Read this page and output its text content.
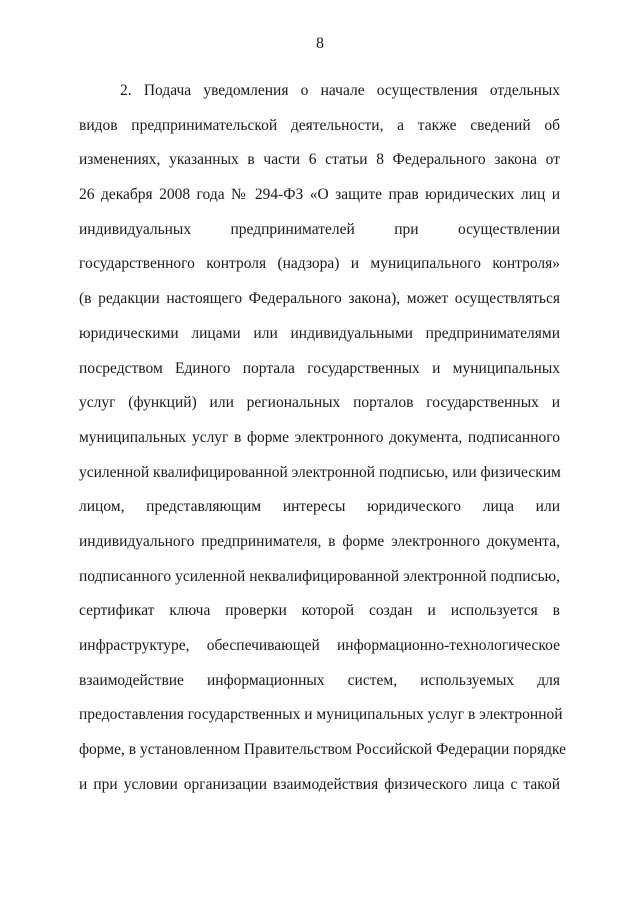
8
2. Подача уведомления о начале осуществления отдельных
видов предпринимательской деятельности, а также сведений об
изменениях, указанных в части 6 статьи 8 Федерального закона от
26 декабря 2008 года № 294-ФЗ «О защите прав юридических лиц и
индивидуальных предпринимателей при осуществлении
государственного контроля (надзора) и муниципального контроля»
(в редакции настоящего Федерального закона), может осуществляться
юридическими лицами или индивидуальными предпринимателями
посредством Единого портала государственных и муниципальных
услуг (функций) или региональных порталов государственных и
муниципальных услуг в форме электронного документа, подписанного
усиленной квалифицированной электронной подписью, или физическим
лицом, представляющим интересы юридического лица или
индивидуального предпринимателя, в форме электронного документа,
подписанного усиленной неквалифицированной электронной подписью,
сертификат ключа проверки которой создан и используется в
инфраструктуре, обеспечивающей информационно-технологическое
взаимодействие информационных систем, используемых для
предоставления государственных и муниципальных услуг в электронной
форме, в установленном Правительством Российской Федерации порядке
и при условии организации взаимодействия физического лица с такой
